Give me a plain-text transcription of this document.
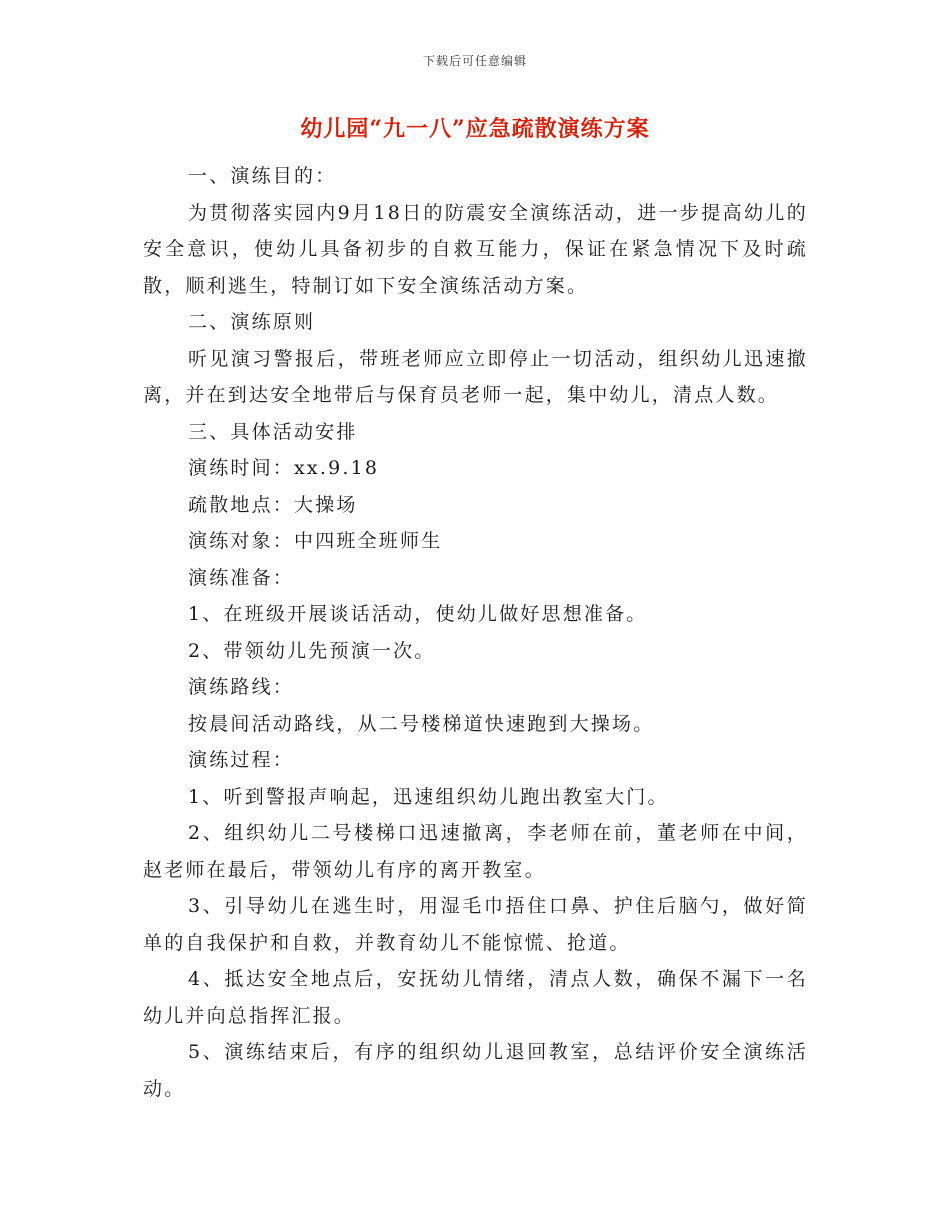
下载后可任意编辑
幼儿园“九一八”应急疏散演练方案

一、演练目的：

为贯彻落实园内9月18日的防震安全演练活动，进一步提高幼儿的安全意识，使幼儿具备初步的自救互能力，保证在紧急情况下及时疏散，顺利逃生，特制订如下安全演练活动方案。

二、演练原则

听见演习警报后，带班老师应立即停止一切活动，组织幼儿迅速撤离，并在到达安全地带后与保育员老师一起，集中幼儿，清点人数。

三、具体活动安排

演练时间：xx.9.18

疏散地点：大操场

演练对象：中四班全班师生

演练准备：

1、在班级开展谈话活动，使幼儿做好思想准备。

2、带领幼儿先预演一次。

演练路线：

按晨间活动路线，从二号楼梯道快速跑到大操场。

演练过程：

1、听到警报声响起，迅速组织幼儿跑出教室大门。

2、组织幼儿二号楼梯口迅速撤离，李老师在前，董老师在中间，赵老师在最后，带领幼儿有序的离开教室。

3、引导幼儿在逃生时，用湿毛巾捂住口鼻、护住后脑勺，做好简单的自我保护和自救，并教育幼儿不能惊慌、抢道。

4、抵达安全地点后，安抚幼儿情绪，清点人数，确保不漏下一名幼儿并向总指挥汇报。

5、演练结束后，有序的组织幼儿退回教室，总结评价安全演练活动。
